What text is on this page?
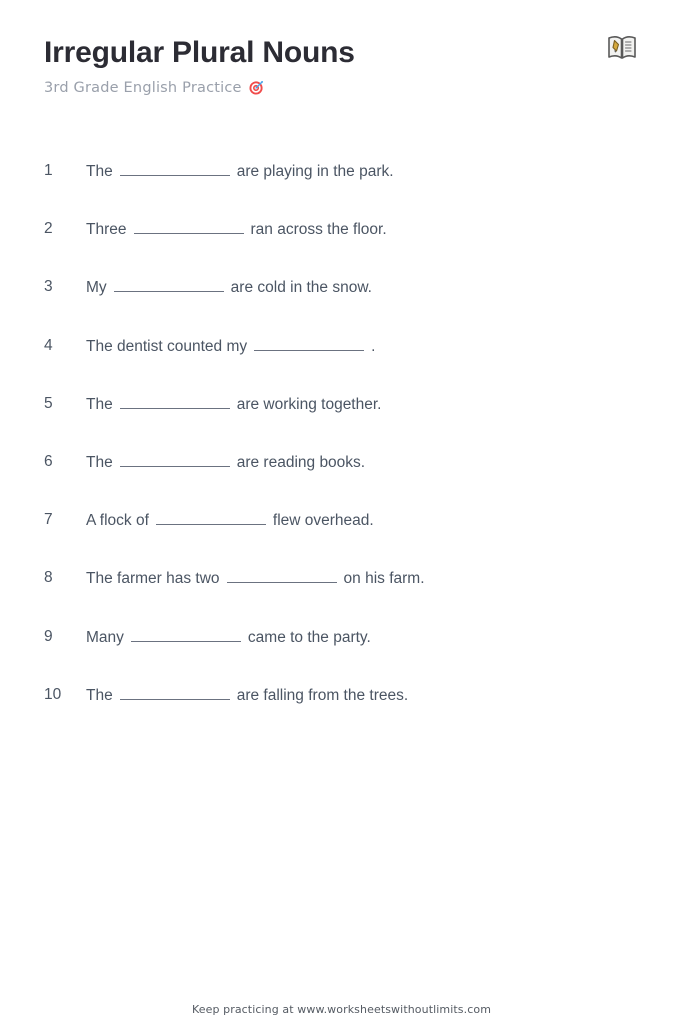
Irregular Plural Nouns
3rd Grade English Practice
1	The	are playing in the park.
2	Three	ran across the floor.
3	My	are cold in the snow.
4	The dentist counted my	.
5	The	are working together.
6	The	are reading books.
7	A flock of	flew overhead.
8	The farmer has two	on his farm.
9	Many	came to the party.
10	The	are falling from the trees.
Keep practicing at www.worksheetswithoutlimits.com
